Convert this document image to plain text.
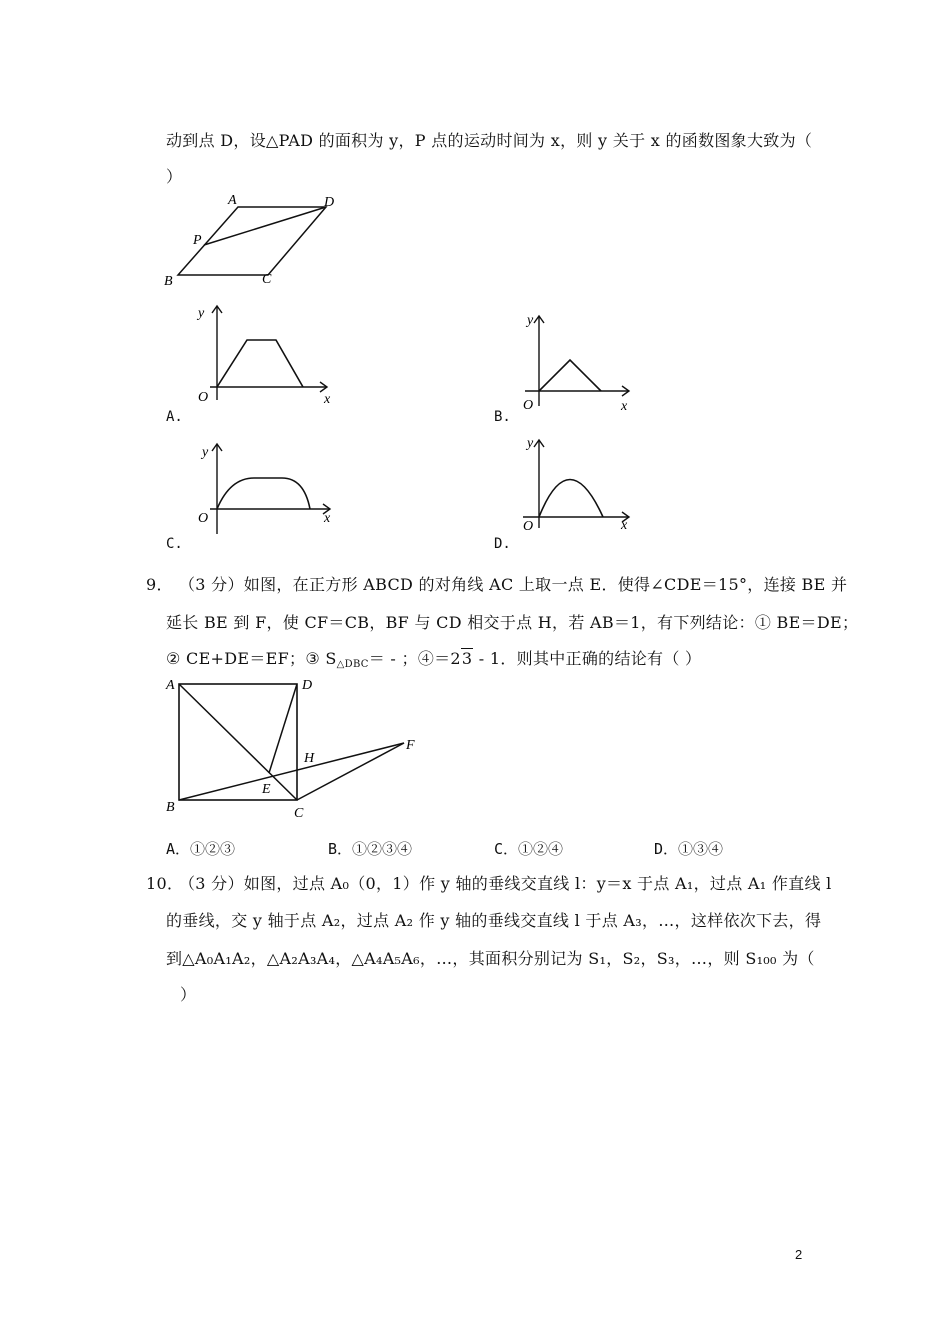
动到点 D，设△PAD 的面积为 y，P 点的运动时间为 x，则 y 关于 x 的函数图象大致为（
）
A	D
P
B	C
y
O	x
A.
y
O	x
B.
y
O	x
C.
y
O	x
D.
9． （3 分）如图，在正方形 ABCD 的对角线 AC 上取一点 E．使得∠CDE＝15°，连接 BE 并
延长 BE 到 F，使 CF＝CB，BF 与 CD 相交于点 H，若 AB＝1，有下列结论：① BE＝DE；
② CE+DE＝EF；③ $S_{\triangle DBC}=$ - ；④＝23 - 1．则其中正确的结论有（ ）
A	D
B	C
E
H
F
A．①②③	B．①②③④	C．①②④	D．①③④
10．
（3 分）如图，过点 A₀（0，1）作 y 轴的垂线交直线 l：y＝x 于点 A₁，过点 A₁ 作直线 l
的垂线，交 y 轴于点 A₂，过点 A₂ 作 y 轴的垂线交直线 l 于点 A₃，…，这样依次下去，得
到△A₀A₁A₂，△A₂A₃A₄，△A₄A₅A₆，…，其面积分别记为 S₁，S₂，S₃，…，则 S₁₀₀ 为（
）
2
